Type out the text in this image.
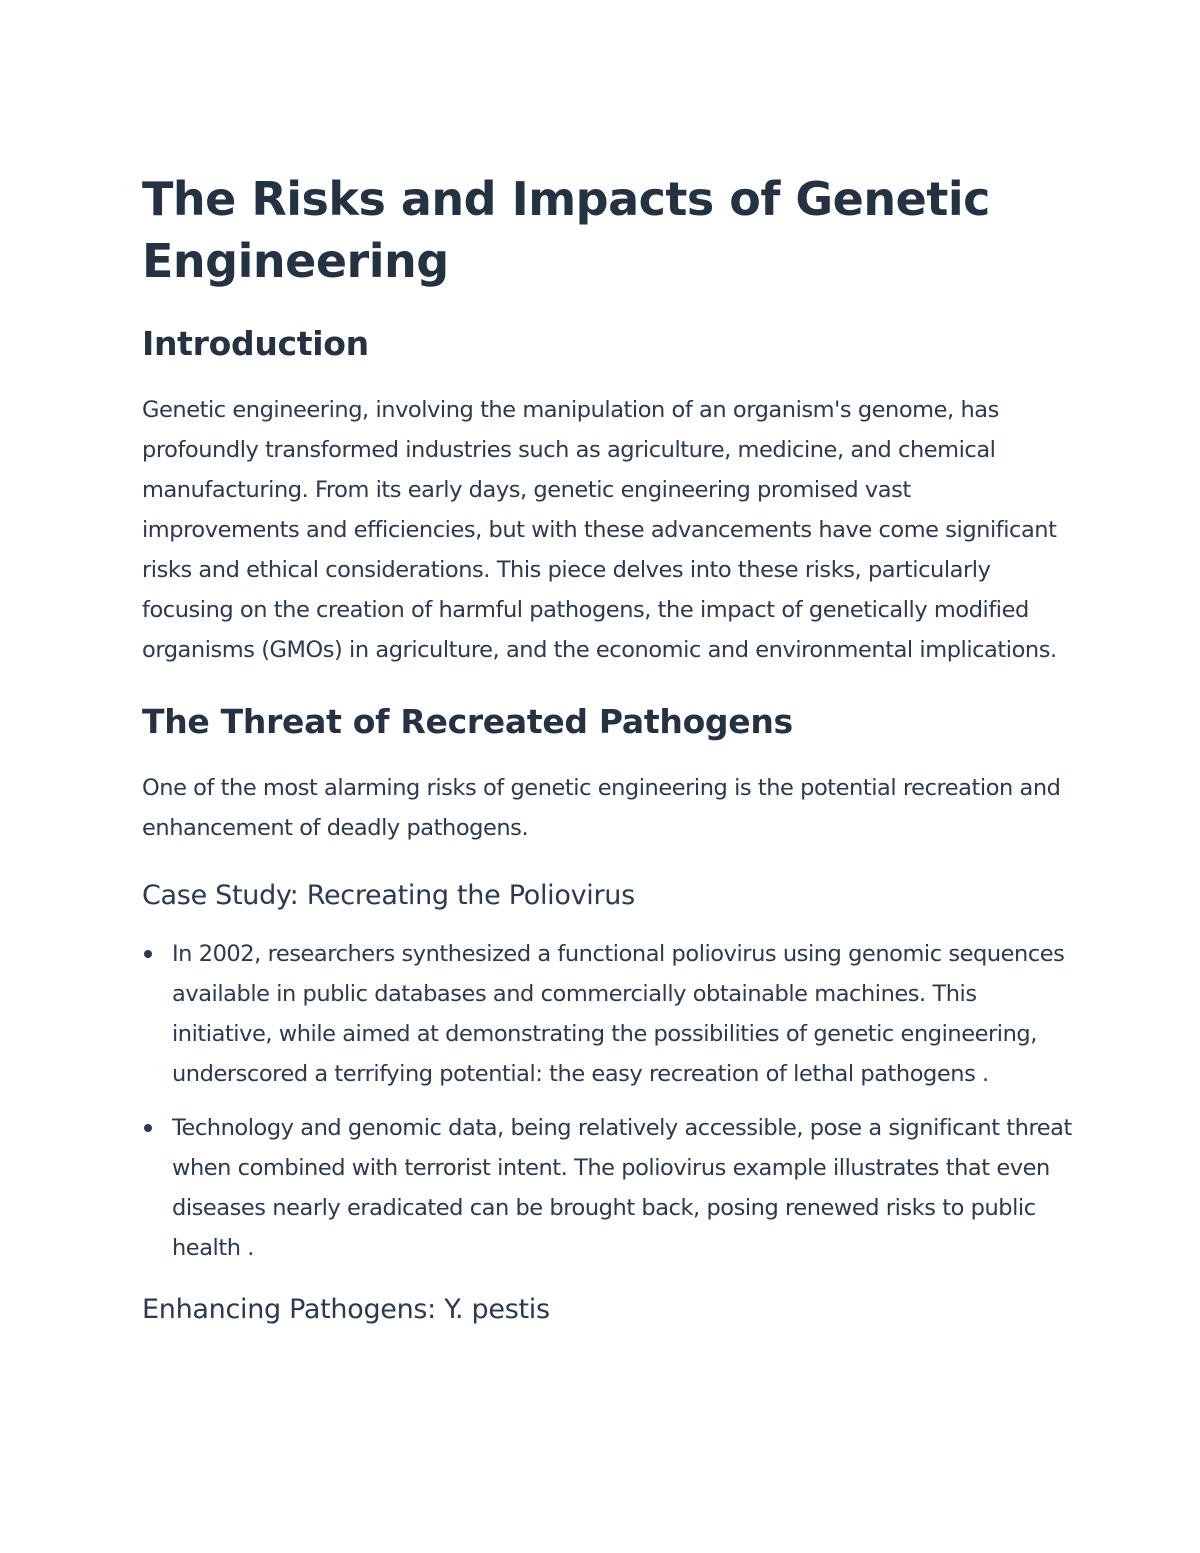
The Risks and Impacts of Genetic Engineering
Introduction

Genetic engineering, involving the manipulation of an organism's genome, has profoundly transformed industries such as agriculture, medicine, and chemical manufacturing. From its early days, genetic engineering promised vast improvements and efficiencies, but with these advancements have come significant risks and ethical considerations. This piece delves into these risks, particularly focusing on the creation of harmful pathogens, the impact of genetically modified organisms (GMOs) in agriculture, and the economic and environmental implications.

The Threat of Recreated Pathogens

One of the most alarming risks of genetic engineering is the potential recreation and enhancement of deadly pathogens.

Case Study: Recreating the Poliovirus
In 2002, researchers synthesized a functional poliovirus using genomic sequences available in public databases and commercially obtainable machines. This initiative, while aimed at demonstrating the possibilities of genetic engineering, underscored a terrifying potential: the easy recreation of lethal pathogens .
Technology and genomic data, being relatively accessible, pose a significant threat when combined with terrorist intent. The poliovirus example illustrates that even diseases nearly eradicated can be brought back, posing renewed risks to public health .
Enhancing Pathogens: Y. pestis
